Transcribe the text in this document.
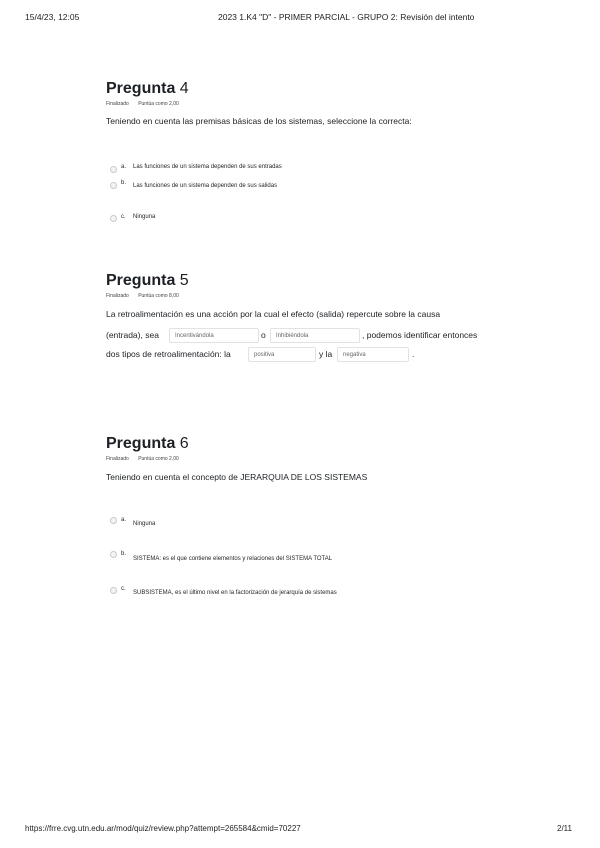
15/4/23, 12:05	2023 1.K4 "D" - PRIMER PARCIAL - GRUPO 2: Revisión del intento
Pregunta 4
Finalizado Puntúa como 2,00
Teniendo en cuenta las premisas básicas de los sistemas, seleccione la correcta:
a. Las funciones de un sistema dependen de sus entradas
b. Las funciones de un sistema dependen de sus salidas
c. Ninguna
Pregunta 5
Finalizado Puntúa como 8,00
La retroalimentación es una acción por la cual el efecto (salida) repercute sobre la causa
(entrada), sea	Incentivándola	o	Inhibiéndola	, podemos identificar entonces
dos tipos de retroalimentación: la	positiva	y la	negativa	.
Pregunta 6
Finalizado Puntúa como 2,00
Teniendo en cuenta el concepto de JERARQUIA DE LOS SISTEMAS
a.
Ninguna
b.
SISTEMA: es el que contiene elementos y relaciones del SISTEMA TOTAL
c.
SUBSISTEMA, es el último nivel en la factorización de jerarquía de sistemas
https://frre.cvg.utn.edu.ar/mod/quiz/review.php?attempt=265584&cmid=70227	2/11
